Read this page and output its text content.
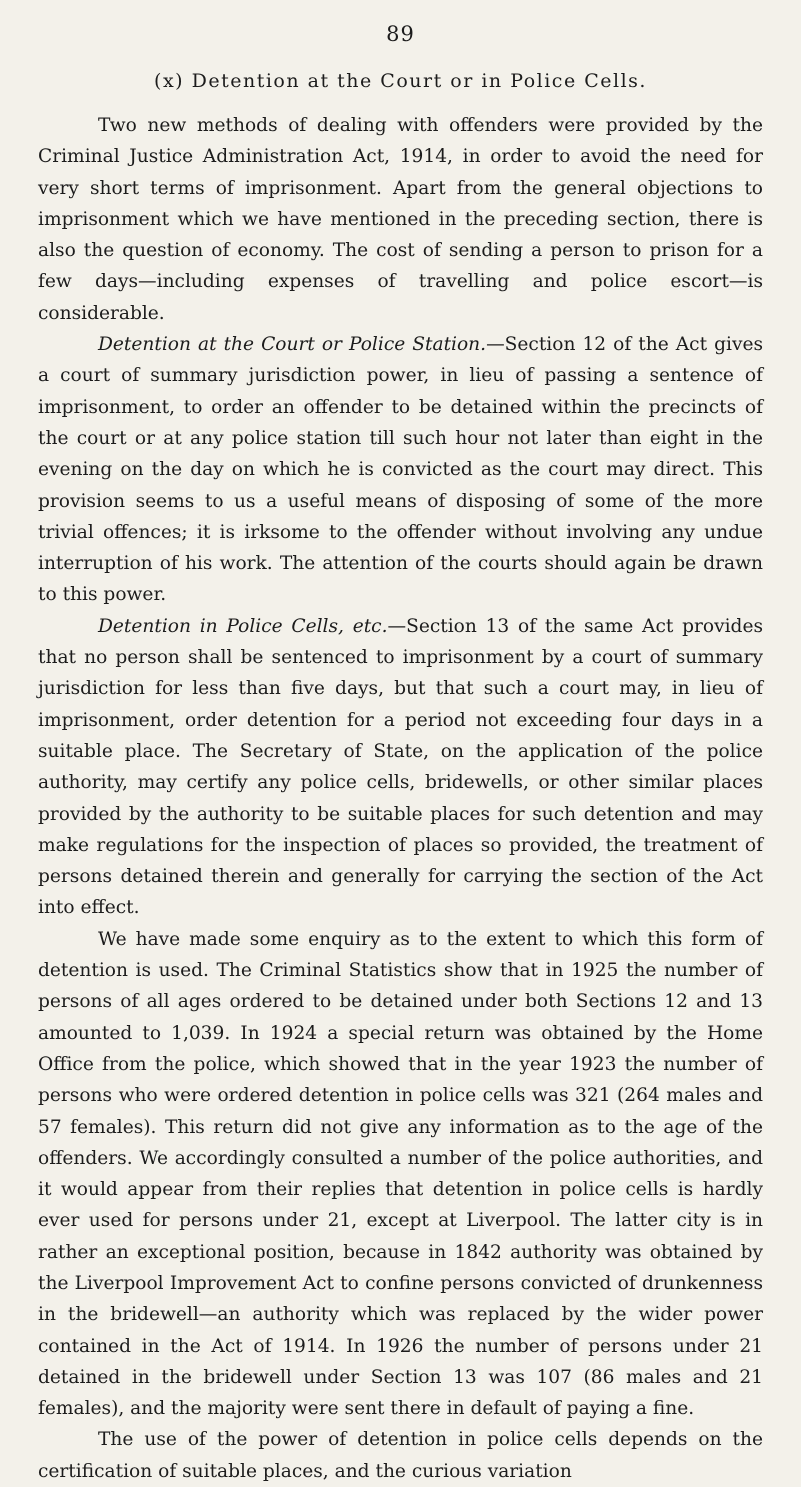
89
(x) Detention at the Court or in Police Cells.

Two new methods of dealing with offenders were provided by the Criminal Justice Administration Act, 1914, in order to avoid the need for very short terms of imprisonment. Apart from the general objections to imprisonment which we have mentioned in the preceding section, there is also the question of economy. The cost of sending a person to prison for a few days—including expenses of travelling and police escort—is considerable.

Detention at the Court or Police Station.—Section 12 of the Act gives a court of summary jurisdiction power, in lieu of passing a sentence of imprisonment, to order an offender to be detained within the precincts of the court or at any police station till such hour not later than eight in the evening on the day on which he is convicted as the court may direct. This provision seems to us a useful means of disposing of some of the more trivial offences; it is irksome to the offender without involving any undue interruption of his work. The attention of the courts should again be drawn to this power.

Detention in Police Cells, etc.—Section 13 of the same Act provides that no person shall be sentenced to imprisonment by a court of summary jurisdiction for less than five days, but that such a court may, in lieu of imprisonment, order detention for a period not exceeding four days in a suitable place. The Secretary of State, on the application of the police authority, may certify any police cells, bridewells, or other similar places provided by the authority to be suitable places for such detention and may make regulations for the inspection of places so provided, the treatment of persons detained therein and generally for carrying the section of the Act into effect.

We have made some enquiry as to the extent to which this form of detention is used. The Criminal Statistics show that in 1925 the number of persons of all ages ordered to be detained under both Sections 12 and 13 amounted to 1,039. In 1924 a special return was obtained by the Home Office from the police, which showed that in the year 1923 the number of persons who were ordered detention in police cells was 321 (264 males and 57 females). This return did not give any information as to the age of the offenders. We accordingly consulted a number of the police authorities, and it would appear from their replies that detention in police cells is hardly ever used for persons under 21, except at Liverpool. The latter city is in rather an exceptional position, because in 1842 authority was obtained by the Liverpool Improvement Act to confine persons convicted of drunkenness in the bridewell—an authority which was replaced by the wider power contained in the Act of 1914. In 1926 the number of persons under 21 detained in the bridewell under Section 13 was 107 (86 males and 21 females), and the majority were sent there in default of paying a fine.

The use of the power of detention in police cells depends on the certification of suitable places, and the curious variation
